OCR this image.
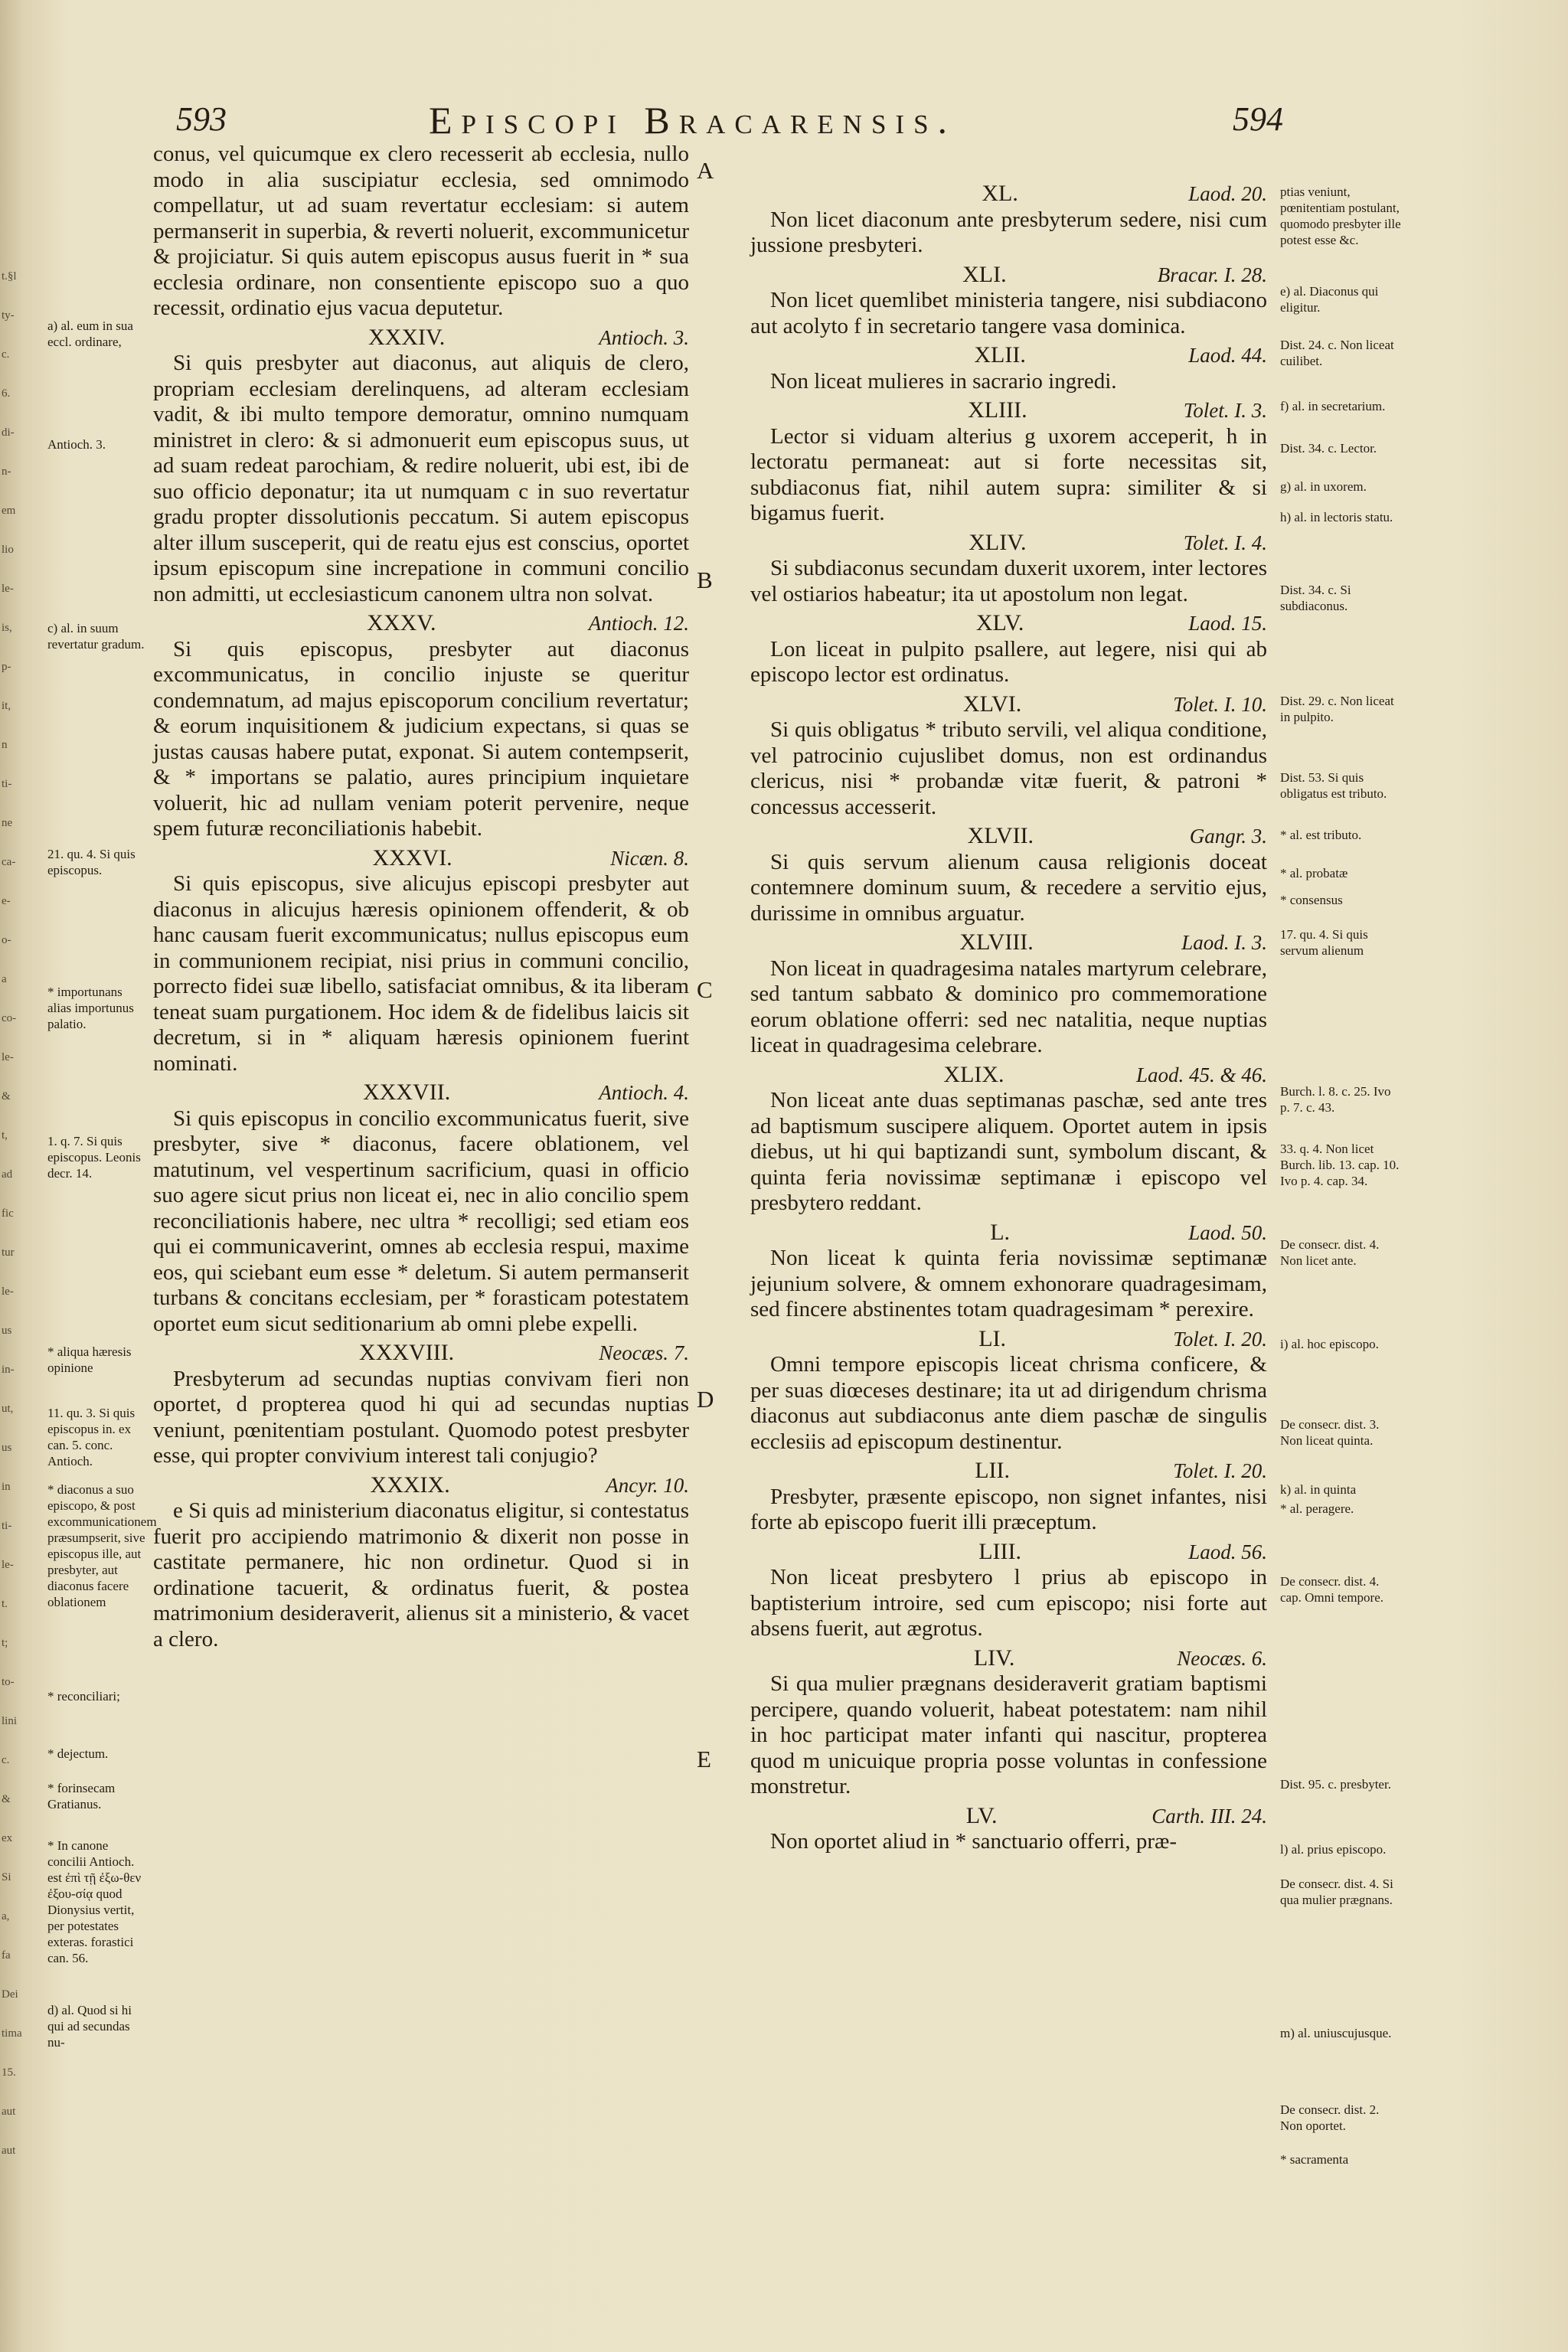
t.§l
ty-
c.
6.
di-
n-
em
lio
le-
is,
p-
it,
n
ti-
ne
ca-
e-
o-
a
co-
le-
&
t,
ad
fic
tur
le-
us
in-
ut,
us
in
ti-
le-
t.
t;
to-
lini
c.
&
ex
Si
a,
fa
Dei
tima
15.
aut
aut
593	Episcopi Bracarensis.	594
a) al. eum in sua eccl. ordinare,
Antioch. 3.
c) al. in suum revertatur gradum.
21. qu. 4. Si quis episcopus.
* importunans alias importunus palatio.
1. q. 7. Si quis episcopus. Leonis decr. 14.
* aliqua hæresis opinione
11. qu. 3. Si quis episcopus in. ex can. 5. conc. Antioch.
* diaconus a suo episcopo, & post excommunicationem præsumpserit, sive episcopus ille, aut presbyter, aut diaconus facere oblationem
* reconciliari;
* dejectum.
* forinsecam Gratianus.
* In canone concilii Antioch. est ἐπὶ τῇ ἐξω-θεν ἐξου-σίᾳ quod Dionysius vertit, per potestates exteras. forastici can. 56.
d) al. Quod si hi qui ad secundas nu-

conus, vel quicumque ex clero recesserit ab ecclesia, nullo modo in alia suscipiatur ecclesia, sed omnimodo compellatur, ut ad suam revertatur ecclesiam: si autem permanserit in superbia, & reverti noluerit, excommunicetur & projiciatur. Si quis autem episcopus ausus fuerit in * sua ecclesia ordinare, non consentiente episcopo suo a quo recessit, ordinatio ejus vacua deputetur.

XXXIV.	Antioch. 3.

Si quis presbyter aut diaconus, aut aliquis de clero, propriam ecclesiam derelinquens, ad alteram ecclesiam vadit, & ibi multo tempore demoratur, omnino numquam ministret in clero: & si admonuerit eum episcopus suus, ut ad suam redeat parochiam, & redire noluerit, ubi est, ibi de suo officio deponatur; ita ut numquam c in suo revertatur gradu propter dissolutionis peccatum. Si autem episcopus alter illum susceperit, qui de reatu ejus est conscius, oportet ipsum episcopum sine increpatione in communi concilio non admitti, ut ecclesiasticum canonem ultra non solvat.

XXXV.	Antioch. 12.

Si quis episcopus, presbyter aut diaconus excommunicatus, in concilio injuste se queritur condemnatum, ad majus episcoporum concilium revertatur; & eorum inquisitionem & judicium expectans, si quas se justas causas habere putat, exponat. Si autem contempserit, & * importans se palatio, aures principium inquietare voluerit, hic ad nullam veniam poterit pervenire, neque spem futuræ reconciliationis habebit.

XXXVI.	Nicæn. 8.

Si quis episcopus, sive alicujus episcopi presbyter aut diaconus in alicujus hæresis opinionem offenderit, & ob hanc causam fuerit excommunicatus; nullus episcopus eum in communionem recipiat, nisi prius in communi concilio, porrecto fidei suæ libello, satisfaciat omnibus, & ita liberam teneat suam purgationem. Hoc idem & de fidelibus laicis sit decretum, si in * aliquam hæresis opinionem fuerint nominati.

XXXVII.	Antioch. 4.

Si quis episcopus in concilio excommunicatus fuerit, sive presbyter, sive * diaconus, facere oblationem, vel matutinum, vel vespertinum sacrificium, quasi in officio suo agere sicut prius non liceat ei, nec in alio concilio spem reconciliationis habere, nec ultra * recolligi; sed etiam eos qui ei communicaverint, omnes ab ecclesia respui, maxime eos, qui sciebant eum esse * deletum. Si autem permanserit turbans & concitans ecclesiam, per * forasticam potestatem oportet eum sicut seditionarium ab omni plebe expelli.

XXXVIII.	Neocæs. 7.

Presbyterum ad secundas nuptias convivam fieri non oportet, d propterea quod hi qui ad secundas nuptias veniunt, pœnitentiam postulant. Quomodo potest presbyter esse, qui propter convivium interest tali conjugio?

XXXIX.	Ancyr. 10.

e Si quis ad ministerium diaconatus eligitur, si contestatus fuerit pro accipiendo matrimonio & dixerit non posse in castitate permanere, hic non ordinetur. Quod si in ordinatione tacuerit, & ordinatus fuerit, & postea matrimonium desideraverit, alienus sit a ministerio, & vacet a clero.

A
B
C
D
E
XL.	Laod. 20.

Non licet diaconum ante presbyterum sedere, nisi cum jussione presbyteri.

XLI.	Bracar. I. 28.

Non licet quemlibet ministeria tangere, nisi subdiacono aut acolyto f in secretario tangere vasa dominica.

XLII.	Laod. 44.

Non liceat mulieres in sacrario ingredi.

XLIII.	Tolet. I. 3.

Lector si viduam alterius g uxorem acceperit, h in lectoratu permaneat: aut si forte necessitas sit, subdiaconus fiat, nihil autem supra: similiter & si bigamus fuerit.

XLIV.	Tolet. I. 4.

Si subdiaconus secundam duxerit uxorem, inter lectores vel ostiarios habeatur; ita ut apostolum non legat.

XLV.	Laod. 15.

Lon liceat in pulpito psallere, aut legere, nisi qui ab episcopo lector est ordinatus.

XLVI.	Tolet. I. 10.

Si quis obligatus * tributo servili, vel aliqua conditione, vel patrocinio cujuslibet domus, non est ordinandus clericus, nisi * probandæ vitæ fuerit, & patroni * concessus accesserit.

XLVII.	Gangr. 3.

Si quis servum alienum causa religionis doceat contemnere dominum suum, & recedere a servitio ejus, durissime in omnibus arguatur.

XLVIII.	Laod. I. 3.

Non liceat in quadragesima natales martyrum celebrare, sed tantum sabbato & dominico pro commemoratione eorum oblatione offerri: sed nec natalitia, neque nuptias liceat in quadragesima celebrare.

XLIX.	Laod. 45. & 46.

Non liceat ante duas septimanas paschæ, sed ante tres ad baptismum suscipere aliquem. Oportet autem in ipsis diebus, ut hi qui baptizandi sunt, symbolum discant, & quinta feria novissimæ septimanæ i episcopo vel presbytero reddant.

L.	Laod. 50.

Non liceat k quinta feria novissimæ septimanæ jejunium solvere, & omnem exhonorare quadragesimam, sed fincere abstinentes totam quadragesimam * perexire.

LI.	Tolet. I. 20.

Omni tempore episcopis liceat chrisma conficere, & per suas diœceses destinare; ita ut ad dirigendum chrisma diaconus aut subdiaconus ante diem paschæ de singulis ecclesiis ad episcopum destinentur.

LII.	Tolet. I. 20.

Presbyter, præsente episcopo, non signet infantes, nisi forte ab episcopo fuerit illi præceptum.

LIII.	Laod. 56.

Non liceat presbytero l prius ab episcopo in baptisterium introire, sed cum episcopo; nisi forte aut absens fuerit, aut ægrotus.

LIV.	Neocæs. 6.

Si qua mulier prægnans desideraverit gratiam baptismi percipere, quando voluerit, habeat potestatem: nam nihil in hoc participat mater infanti qui nascitur, propterea quod m unicuique propria posse voluntas in confessione monstretur.

LV.	Carth. III. 24.

Non oportet aliud in * sanctuario offerri, præ-

ptias veniunt, pœnitentiam postulant, quomodo presbyter ille potest esse &c.
e) al. Diaconus qui eligitur.
Dist. 24. c. Non liceat cuilibet.
f) al. in secretarium.
Dist. 34. c. Lector.
g) al. in uxorem.
h) al. in lectoris statu.
Dist. 34. c. Si subdiaconus.
Dist. 29. c. Non liceat in pulpito.
Dist. 53. Si quis obligatus est tributo.
* al. est tributo.
* al. probatæ
* consensus
17. qu. 4. Si quis servum alienum
Burch. l. 8. c. 25. Ivo p. 7. c. 43.
33. q. 4. Non licet Burch. lib. 13. cap. 10. Ivo p. 4. cap. 34.
De consecr. dist. 4. Non licet ante.
i) al. hoc episcopo.
De consecr. dist. 3. Non liceat quinta.
k) al. in quinta
* al. peragere.
De consecr. dist. 4. cap. Omni tempore.
Dist. 95. c. presbyter.
l) al. prius episcopo.
De consecr. dist. 4. Si qua mulier prægnans.
m) al. uniuscujusque.
De consecr. dist. 2. Non oportet.
* sacramenta
